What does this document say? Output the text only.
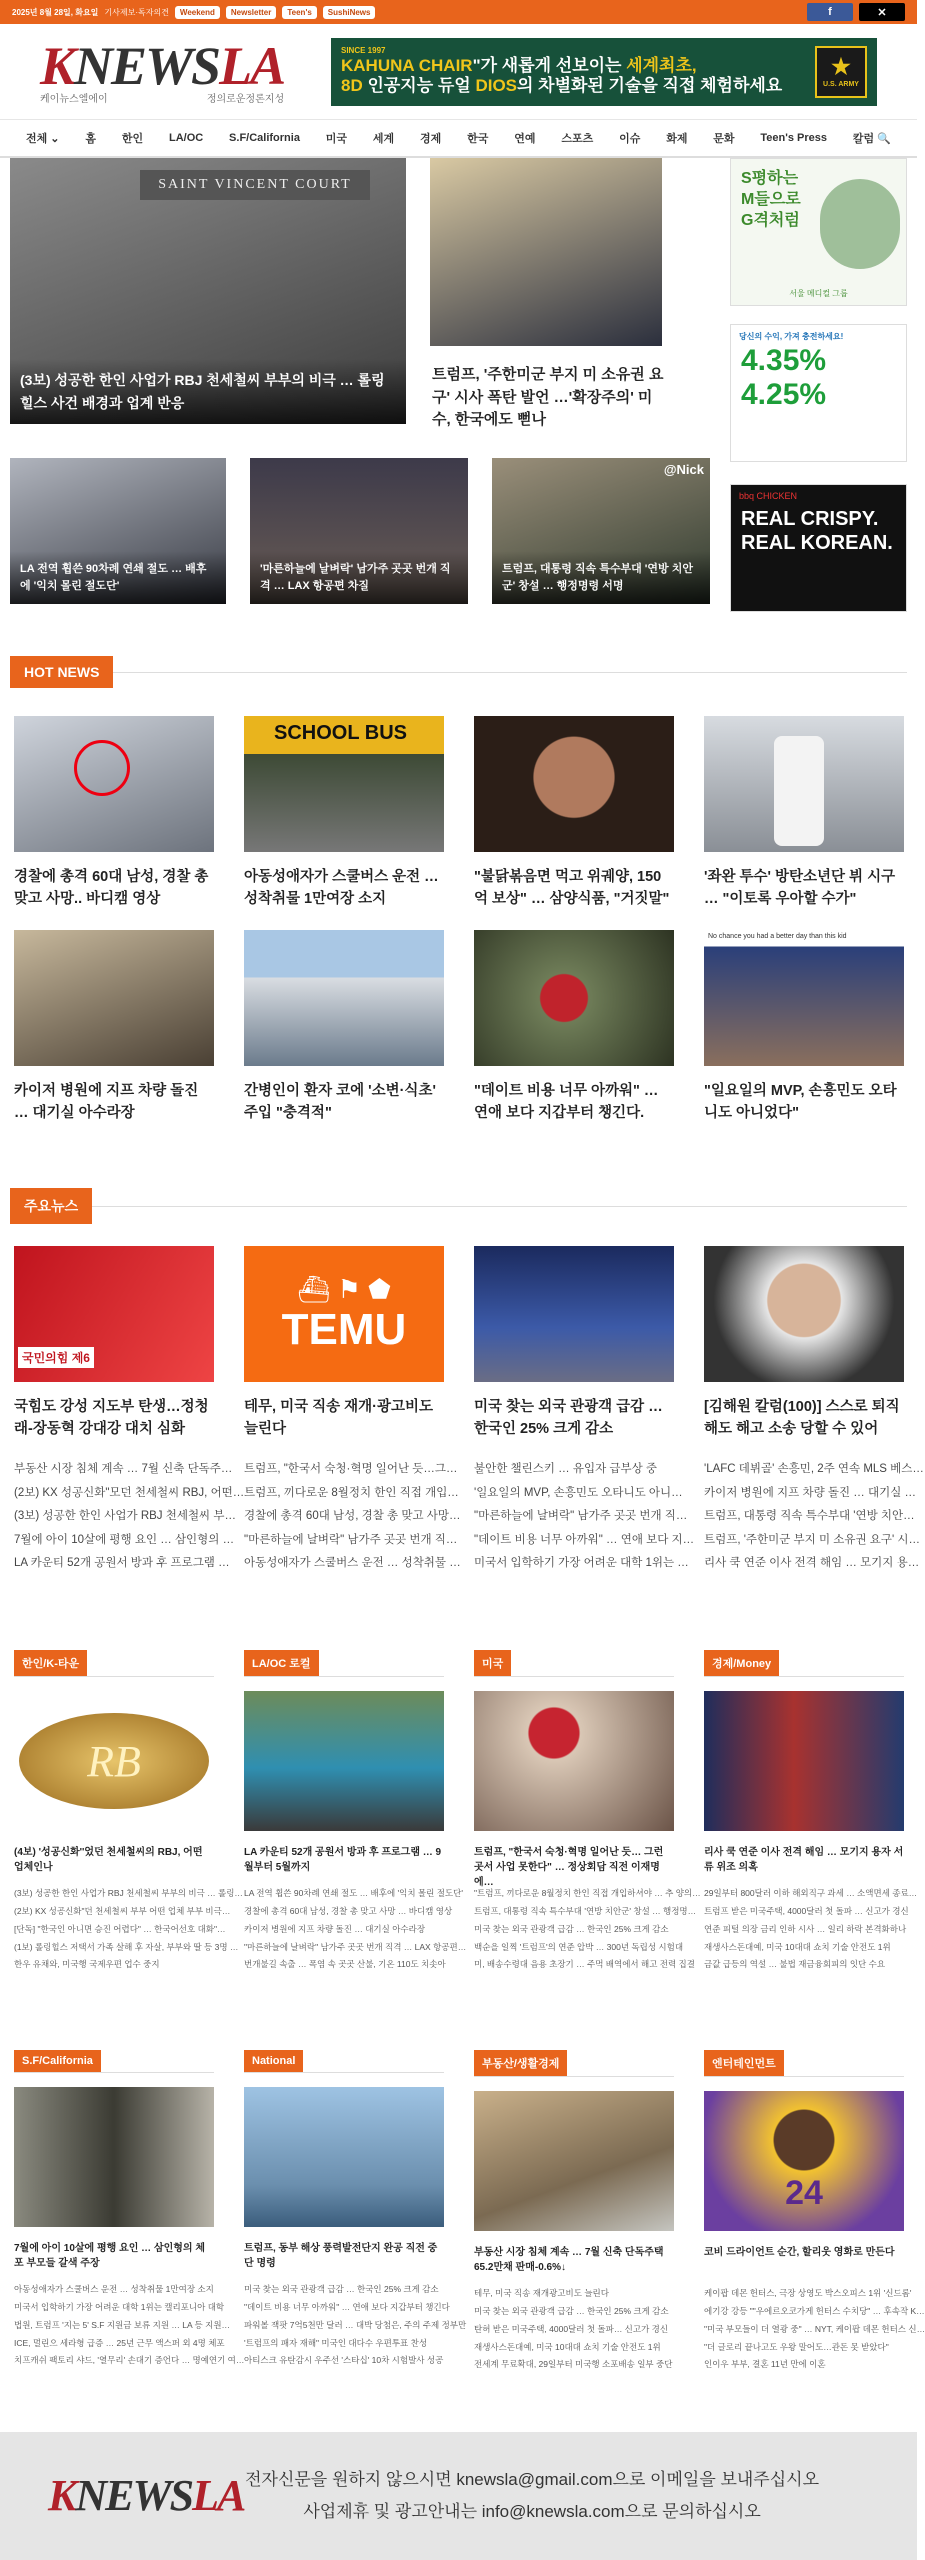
2025년 8월 28일, 화요일 기사제보·독자의견	Weekend	Newsletter	Teen's	SushiNews	f	✕
KNEWSLA
케이뉴스엘에이	정의로운정론지성
SINCE 1997
KAHUNA CHAIR"가 새롭게 선보이는 세계최초,
8D 인공지능 듀얼 DIOS의 차별화된 기술을 직접 체험하세요
★
U.S. ARMY
전체 ⌄ 홈 한인 LA/OC S.F/California 미국 세계 경제 한국 연예 스포츠 이슈 화제 문화 Teen's Press 칼럼 🔍
SAINT VINCENT COURT
(3보) 성공한 한인 사업가 RBJ 천세철씨 부부의 비극 … 롤링힐스 사건 배경과 업계 반응
트럼프, '주한미군 부지 미 소유권 요구' 시사 폭탄 발언 …'확장주의' 미수, 한국에도 뻗나
S평하는 M들으로 G격처럼
서울 메디컬 그룹
당신의 수익, 가져 충전하세요!
4.35%
4.25%
bbq CHICKEN
REAL CRISPY.
REAL KOREAN.
LA 전역 휩쓴 90차례 연쇄 절도 … 배후에 '익치 몰린 절도단'
'마른하늘에 날벼락' 남가주 곳곳 번개 직격 … LAX 항공편 차질
@Nick
트럼프, 대통령 직속 특수부대 '연방 치안군' 창설 … 행정명령 서명
HOT NEWS
경찰에 총격 60대 남성, 경찰 총 맞고 사망.. 바디캠 영상
SCHOOL BUS
아동성애자가 스쿨버스 운전 … 성착취물 1만여장 소지
"불닭볶음면 먹고 위궤양, 150억 보상" … 삼양식품, "거짓말"
'좌완 투수' 방탄소년단 뷔 시구 … "이토록 우아할 수가"
카이저 병원에 지프 차량 돌진 … 대기실 아수라장
간병인이 환자 코에 '소변·식초' 주입 "충격적"
"데이트 비용 너무 아까워" … 연애 보다 지갑부터 챙긴다.
No chance you had a better day than this kid
"일요일의 MVP, 손흥민도 오타니도 아니었다"
주요뉴스
국민의힘 제6
국힘도 강성 지도부 탄생…정청래-장동혁 강대강 대치 심화
부동산 시장 침체 계속 … 7월 신축 단독주…
(2보) KX 성공신화"모던 천세철씨 RBJ, 어떤…
(3보) 성공한 한인 사업가 RBJ 천세철씨 부…
7월에 아이 10살에 평행 요인 … 삼인형의 …
LA 카운티 52개 공원서 방과 후 프로그램 …
⛴ ⚑ ⬟
TEMU
테무, 미국 직송 재개·광고비도 늘린다
트럼프, "한국서 숙청·혁명 일어난 듯…그…
트럼프, 끼다로운 8월정치 한인 직접 개입…
경찰에 총격 60대 남성, 경찰 총 맞고 사망…
"마른하늘에 날벼락" 남가주 곳곳 번개 직…
아동성애자가 스쿨버스 운전 … 성착취물 …
미국 찾는 외국 관광객 급감 … 한국인 25% 크게 감소
불안한 챌린스키 … 유입자 급부상 중
'일요일의 MVP, 손흥민도 오타니도 아니…
"마른하늘에 날벼락" 남가주 곳곳 번개 직…
"데이트 비용 너무 아까워" … 연애 보다 지…
미국서 입학하기 가장 어려운 대학 1위는 …
[김해원 칼럼(100)] 스스로 퇴직해도 해고 소송 당할 수 있어
'LAFC 데뷔골' 손흥민, 2주 연속 MLS 베스…
카이저 병원에 지프 차량 돌진 … 대기실 …
트럼프, 대통령 직속 특수부대 '연방 치안…
트럼프, '주한미군 부지 미 소유권 요구' 시…
리사 쿡 연준 이사 전격 해임 … 모기지 용…
한인/K-타운
RB
(4보) '성공신화''었던 천세철씨의 RBJ, 어떤 업체인나
(3보) 성공한 한인 사업가 RBJ 천세철씨 부부의 비극 … 롤링…
(2보) KX 성공신화"던 천세철씨 부부 어떤 업체 부부 비극…
[단독] "한국인 아니면 승진 어렵다" … 한국어선호 대화"…
(1보) 롤링힐스 저택서 가족 살해 후 자살, 부부와 딸 등 3명 …
한우 유채와, 미국행 국제우편 업수 중지
LA/OC 로컬
LA 카운티 52개 공원서 방과 후 프로그램 … 9월부터 5월까지
LA 전역 휩쓴 90차례 연쇄 절도 … 배후에 '익치 몰린 절도단'
경찰에 총격 60대 남성, 경찰 총 맞고 사망 … 바디캠 영상
카이저 병원에 지프 차량 돌진 … 대기실 아수라장
"마른하늘에 날벼락" 남가주 곳곳 번개 직격 … LAX 항공편…
번개불길 속출 … 폭염 속 곳곳 산불, 기온 110도 치솟아
미국
트럼프, "한국서 숙청·혁명 일어난 듯… 그런 곳서 사업 못한다" … 정상회담 직전 이재명에…
"트럼프, 끼다로운 8월정치 한인 직접 개입하셔야 … 추 양의…
트럼프, 대통령 직속 특수부대 '연방 치안군' 창설 … 행정명…
미국 찾는 외국 관광객 급감 … 한국인 25% 크게 감소
백순을 일찍 '트럼프'의 연준 압박 … 300년 독립성 시험대
미, 배송수령대 음용 초장기 … 주먹 배역에서 해고 전력 집결
경제/Money
리사 쿡 연준 이사 전격 해임 … 모기지 용자 서류 위조 의혹
29일부터 800달러 이하 해외직구 과세 … 소액면세 종료…
트럼프 받은 미국주택, 4000달러 첫 돌파 … 신고가 경신
연준 피털 의장 금리 인하 시사 … 일리 하락 본격화하나
재생사스돈대예, 미국 10대대 쇼치 기술 안전도 1위
금값 급등의 역설 … 불법 재금융회피의 잇단 수요
S.F/California
7월에 아이 10살에 평행 요인 … 삼인형의 체포 부모들 갈색 주장
아동성애자가 스쿨버스 운전 … 성착취물 1만여장 소지
미국서 입학하기 가장 어려운 대학 1위는 캘리포니아 대학
법원, 트럼프 '지는 5' S.F 지원금 보류 지원 … LA 등 지원…
ICE, 멀린으 세라형 급증 … 25년 근무 액스퍼 외 4명 체포
치프캐쉬 팩토리 샤드, '열무리' 손대기 증언다 … 명예연기 여…
National
트럼프, 동부 해상 풍력발전단지 완공 직전 중단 명령
미국 찾는 외국 관광객 급감 … 한국인 25% 크게 감소
"데이트 비용 너무 아까워" … 연애 보다 지갑부터 챙긴다
파워볼 잭팟 7억5천만 달러 … 대박 당첨은, 주의 주제 정부만
'트럼프의 패자 재해" 미국인 대다수 우편투표 찬성
아티스크 유탄감시 우주선 '스타십' 10차 시험발사 성공
부동산/생활경제
부동산 시장 침체 계속 … 7월 신축 단독주택 65.2만채 판매-0.6%↓
테무, 미국 직송 재개광고비도 늘린다
미국 찾는 외국 관광객 급감 … 한국인 25% 크게 감소
탄허 받은 미국주택, 4000달러 첫 돌파… 신고가 경신
재생사스돈대예, 미국 10대대 쇼치 기술 안전도 1위
전세계 무료확대, 29일부터 미국행 소포배송 일부 중단
엔터테인먼트
24
코비 드라이언트 순간, 할리웃 영화로 만든다
케이팝 데몬 헌터스, 극장 상영도 박스오피스 1위 '신드롬'
에기강 강등 ""우에르오코가게 헌터스 수치당" … 후속작 K…
"미국 부모들이 더 열광 중" … NYT, 케이팝 데몬 헌터스 신…
"더 글로리 끝나고도 우왕 말어도…관돈 못 받았다"
인이우 부부, 결혼 11년 만에 이혼
KNEWSLA 전자신문을 원하지 않으시면 knewsla@gmail.com으로 이메일을 보내주십시오
사업제휴 및 광고안내는 info@knewsla.com으로 문의하십시오
